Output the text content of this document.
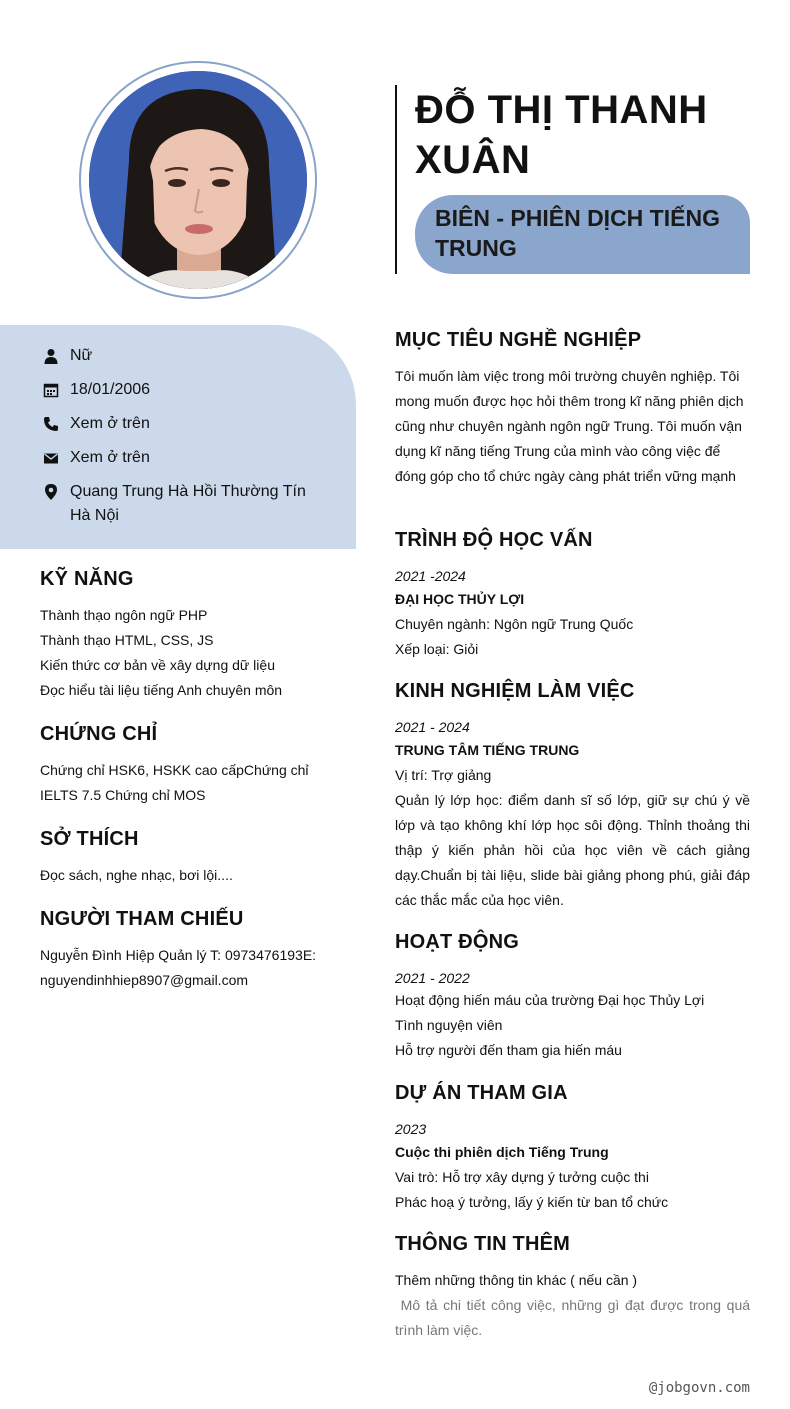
ĐỖ THỊ THANH XUÂN
BIÊN - PHIÊN DỊCH TIẾNG TRUNG
Nữ
18/01/2006
Xem ở trên
Xem ở trên
Quang Trung Hà Hồi Thường Tín Hà Nội
KỸ NĂNG
Thành thạo ngôn ngữ PHP
Thành thạo HTML, CSS, JS
Kiến thức cơ bản về xây dựng dữ liệu
Đọc hiểu tài liệu tiếng Anh chuyên môn
CHỨNG CHỈ
Chứng chỉ HSK6, HSKK cao cấpChứng chỉ IELTS 7.5 Chứng chỉ MOS
SỞ THÍCH
Đọc sách, nghe nhạc, bơi lội....
NGƯỜI THAM CHIẾU
Nguyễn Đình Hiệp Quản lý T: 0973476193E: nguyendinhhiep8907@gmail.com
MỤC TIÊU NGHỀ NGHIỆP
Tôi muốn làm việc trong môi trường chuyên nghiệp. Tôi mong muốn được học hỏi thêm trong kĩ năng phiên dịch cũng như chuyên ngành ngôn ngữ Trung. Tôi muốn vận dụng kĩ năng tiếng Trung của mình vào công việc để đóng góp cho tổ chức ngày càng phát triển vững mạnh
TRÌNH ĐỘ HỌC VẤN
2021 -2024
ĐẠI HỌC THỦY LỢI
Chuyên ngành: Ngôn ngữ Trung Quốc
Xếp loại: Giỏi
KINH NGHIỆM LÀM VIỆC
2021 - 2024
TRUNG TÂM TIẾNG TRUNG
Vị trí: Trợ giảng
Quản lý lớp học: điểm danh sĩ số lớp, giữ sự chú ý về lớp và tạo không khí lớp học sôi động. Thỉnh thoảng thi thập ý kiến phản hồi của học viên về cách giảng dạy.Chuẩn bị tài liệu, slide bài giảng phong phú, giải đáp các thắc mắc của học viên.
HOẠT ĐỘNG
2021 - 2022
Hoạt động hiến máu của trường Đại học Thủy Lợi
Tình nguyện viên
Hỗ trợ người đến tham gia hiến máu
DỰ ÁN THAM GIA
2023
Cuộc thi phiên dịch Tiếng Trung
Vai trò: Hỗ trợ xây dựng ý tưởng cuộc thi
Phác hoạ ý tưởng, lấy ý kiến từ ban tổ chức
THÔNG TIN THÊM
Thêm những thông tin khác ( nếu cần )
Mô tả chi tiết công việc, những gì đạt được trong quá trình làm việc.
@jobgovn.com
